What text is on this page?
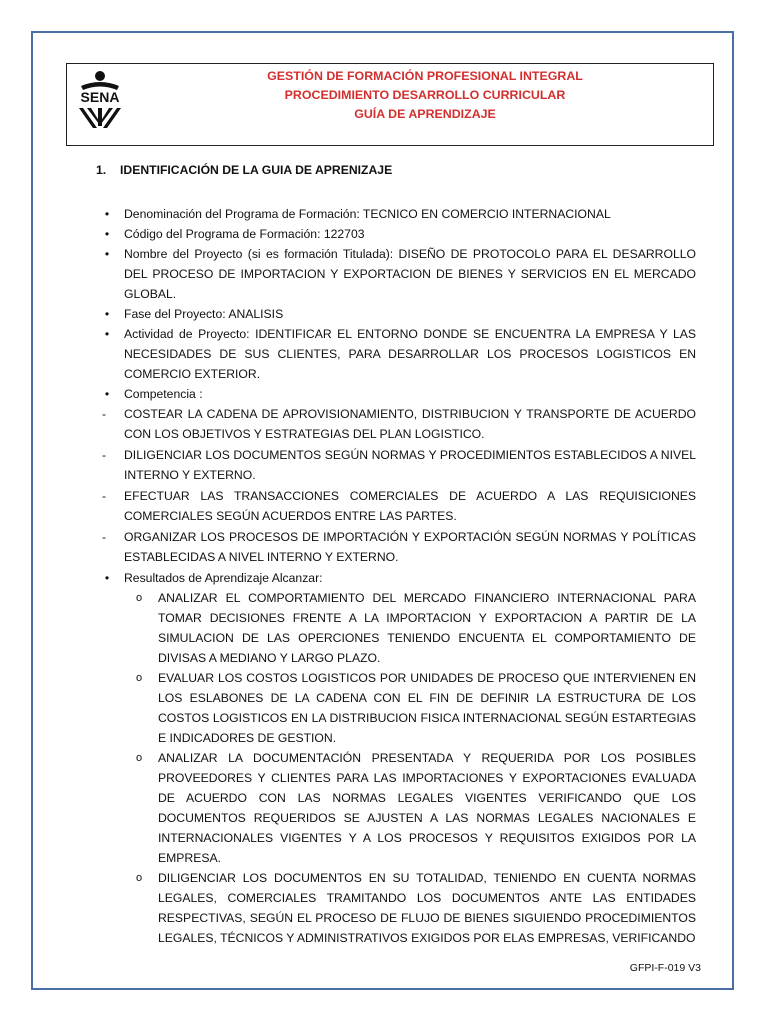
SENA
GESTIÓN DE FORMACIÓN PROFESIONAL INTEGRAL
PROCEDIMIENTO DESARROLLO CURRICULAR
GUÍA DE APRENDIZAJE
1.	IDENTIFICACIÓN DE LA GUIA DE APRENIZAJE
• Denominación del Programa de Formación: TECNICO EN COMERCIO INTERNACIONAL
• Código del Programa de Formación: 122703
• Nombre del Proyecto (si es formación Titulada): DISEÑO DE PROTOCOLO PARA EL DESARROLLO DEL PROCESO DE IMPORTACION Y EXPORTACION DE BIENES Y SERVICIOS EN EL MERCADO GLOBAL.
• Fase del Proyecto: ANALISIS
• Actividad de Proyecto: IDENTIFICAR EL ENTORNO DONDE SE ENCUENTRA LA EMPRESA Y LAS NECESIDADES DE SUS CLIENTES, PARA DESARROLLAR LOS PROCESOS LOGISTICOS EN COMERCIO EXTERIOR.
• Competencia :
- COSTEAR LA CADENA DE APROVISIONAMIENTO, DISTRIBUCION Y TRANSPORTE DE ACUERDO CON LOS OBJETIVOS Y ESTRATEGIAS DEL PLAN LOGISTICO.
- DILIGENCIAR LOS DOCUMENTOS SEGÚN NORMAS Y PROCEDIMIENTOS ESTABLECIDOS A NIVEL INTERNO Y EXTERNO.
- EFECTUAR LAS TRANSACCIONES COMERCIALES DE ACUERDO A LAS REQUISICIONES COMERCIALES SEGÚN ACUERDOS ENTRE LAS PARTES.
- ORGANIZAR LOS PROCESOS DE IMPORTACIÓN Y EXPORTACIÓN SEGÚN NORMAS Y POLÍTICAS ESTABLECIDAS A NIVEL INTERNO Y EXTERNO.
• Resultados de Aprendizaje Alcanzar:
o ANALIZAR EL COMPORTAMIENTO DEL MERCADO FINANCIERO INTERNACIONAL PARA TOMAR DECISIONES FRENTE A LA IMPORTACION Y EXPORTACION A PARTIR DE LA SIMULACION DE LAS OPERCIONES TENIENDO ENCUENTA EL COMPORTAMIENTO DE DIVISAS A MEDIANO Y LARGO PLAZO.
o EVALUAR LOS COSTOS LOGISTICOS POR UNIDADES DE PROCESO QUE INTERVIENEN EN LOS ESLABONES DE LA CADENA CON EL FIN DE DEFINIR LA ESTRUCTURA DE LOS COSTOS LOGISTICOS EN LA DISTRIBUCION FISICA INTERNACIONAL SEGÚN ESTARTEGIAS E INDICADORES DE GESTION.
o ANALIZAR LA DOCUMENTACIÓN PRESENTADA Y REQUERIDA POR LOS POSIBLES PROVEEDORES Y CLIENTES PARA LAS IMPORTACIONES Y EXPORTACIONES EVALUADA DE ACUERDO CON LAS NORMAS LEGALES VIGENTES VERIFICANDO QUE LOS DOCUMENTOS REQUERIDOS SE AJUSTEN A LAS NORMAS LEGALES NACIONALES E INTERNACIONALES VIGENTES Y A LOS PROCESOS Y REQUISITOS EXIGIDOS POR LA EMPRESA.
o DILIGENCIAR LOS DOCUMENTOS EN SU TOTALIDAD, TENIENDO EN CUENTA NORMAS LEGALES, COMERCIALES TRAMITANDO LOS DOCUMENTOS ANTE LAS ENTIDADES RESPECTIVAS, SEGÚN EL PROCESO DE FLUJO DE BIENES SIGUIENDO PROCEDIMIENTOS LEGALES, TÉCNICOS Y ADMINISTRATIVOS EXIGIDOS POR ELAS EMPRESAS, VERIFICANDO
GFPI-F-019 V3
